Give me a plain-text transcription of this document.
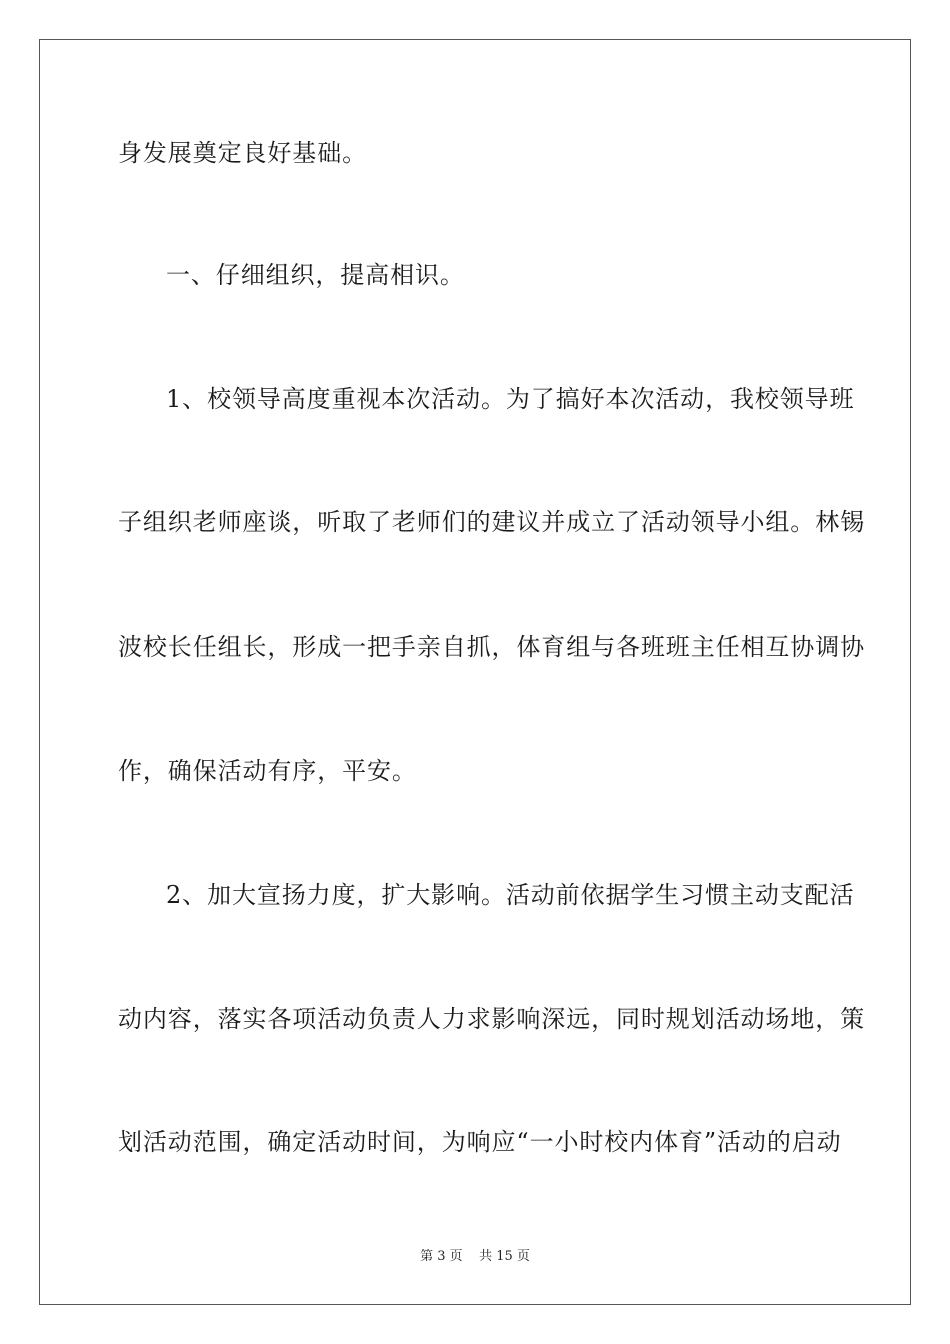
身发展奠定良好基础。
一、仔细组织，提高相识。
1、校领导高度重视本次活动。为了搞好本次活动，我校领导班
子组织老师座谈，听取了老师们的建议并成立了活动领导小组。林锡
波校长任组长，形成一把手亲自抓，体育组与各班班主任相互协调协
作，确保活动有序，平安。
2、加大宣扬力度，扩大影响。活动前依据学生习惯主动支配活
动内容，落实各项活动负责人力求影响深远，同时规划活动场地，策
划活动范围，确定活动时间，为响应“一小时校内体育”活动的启动
第 3 页    共 15 页
